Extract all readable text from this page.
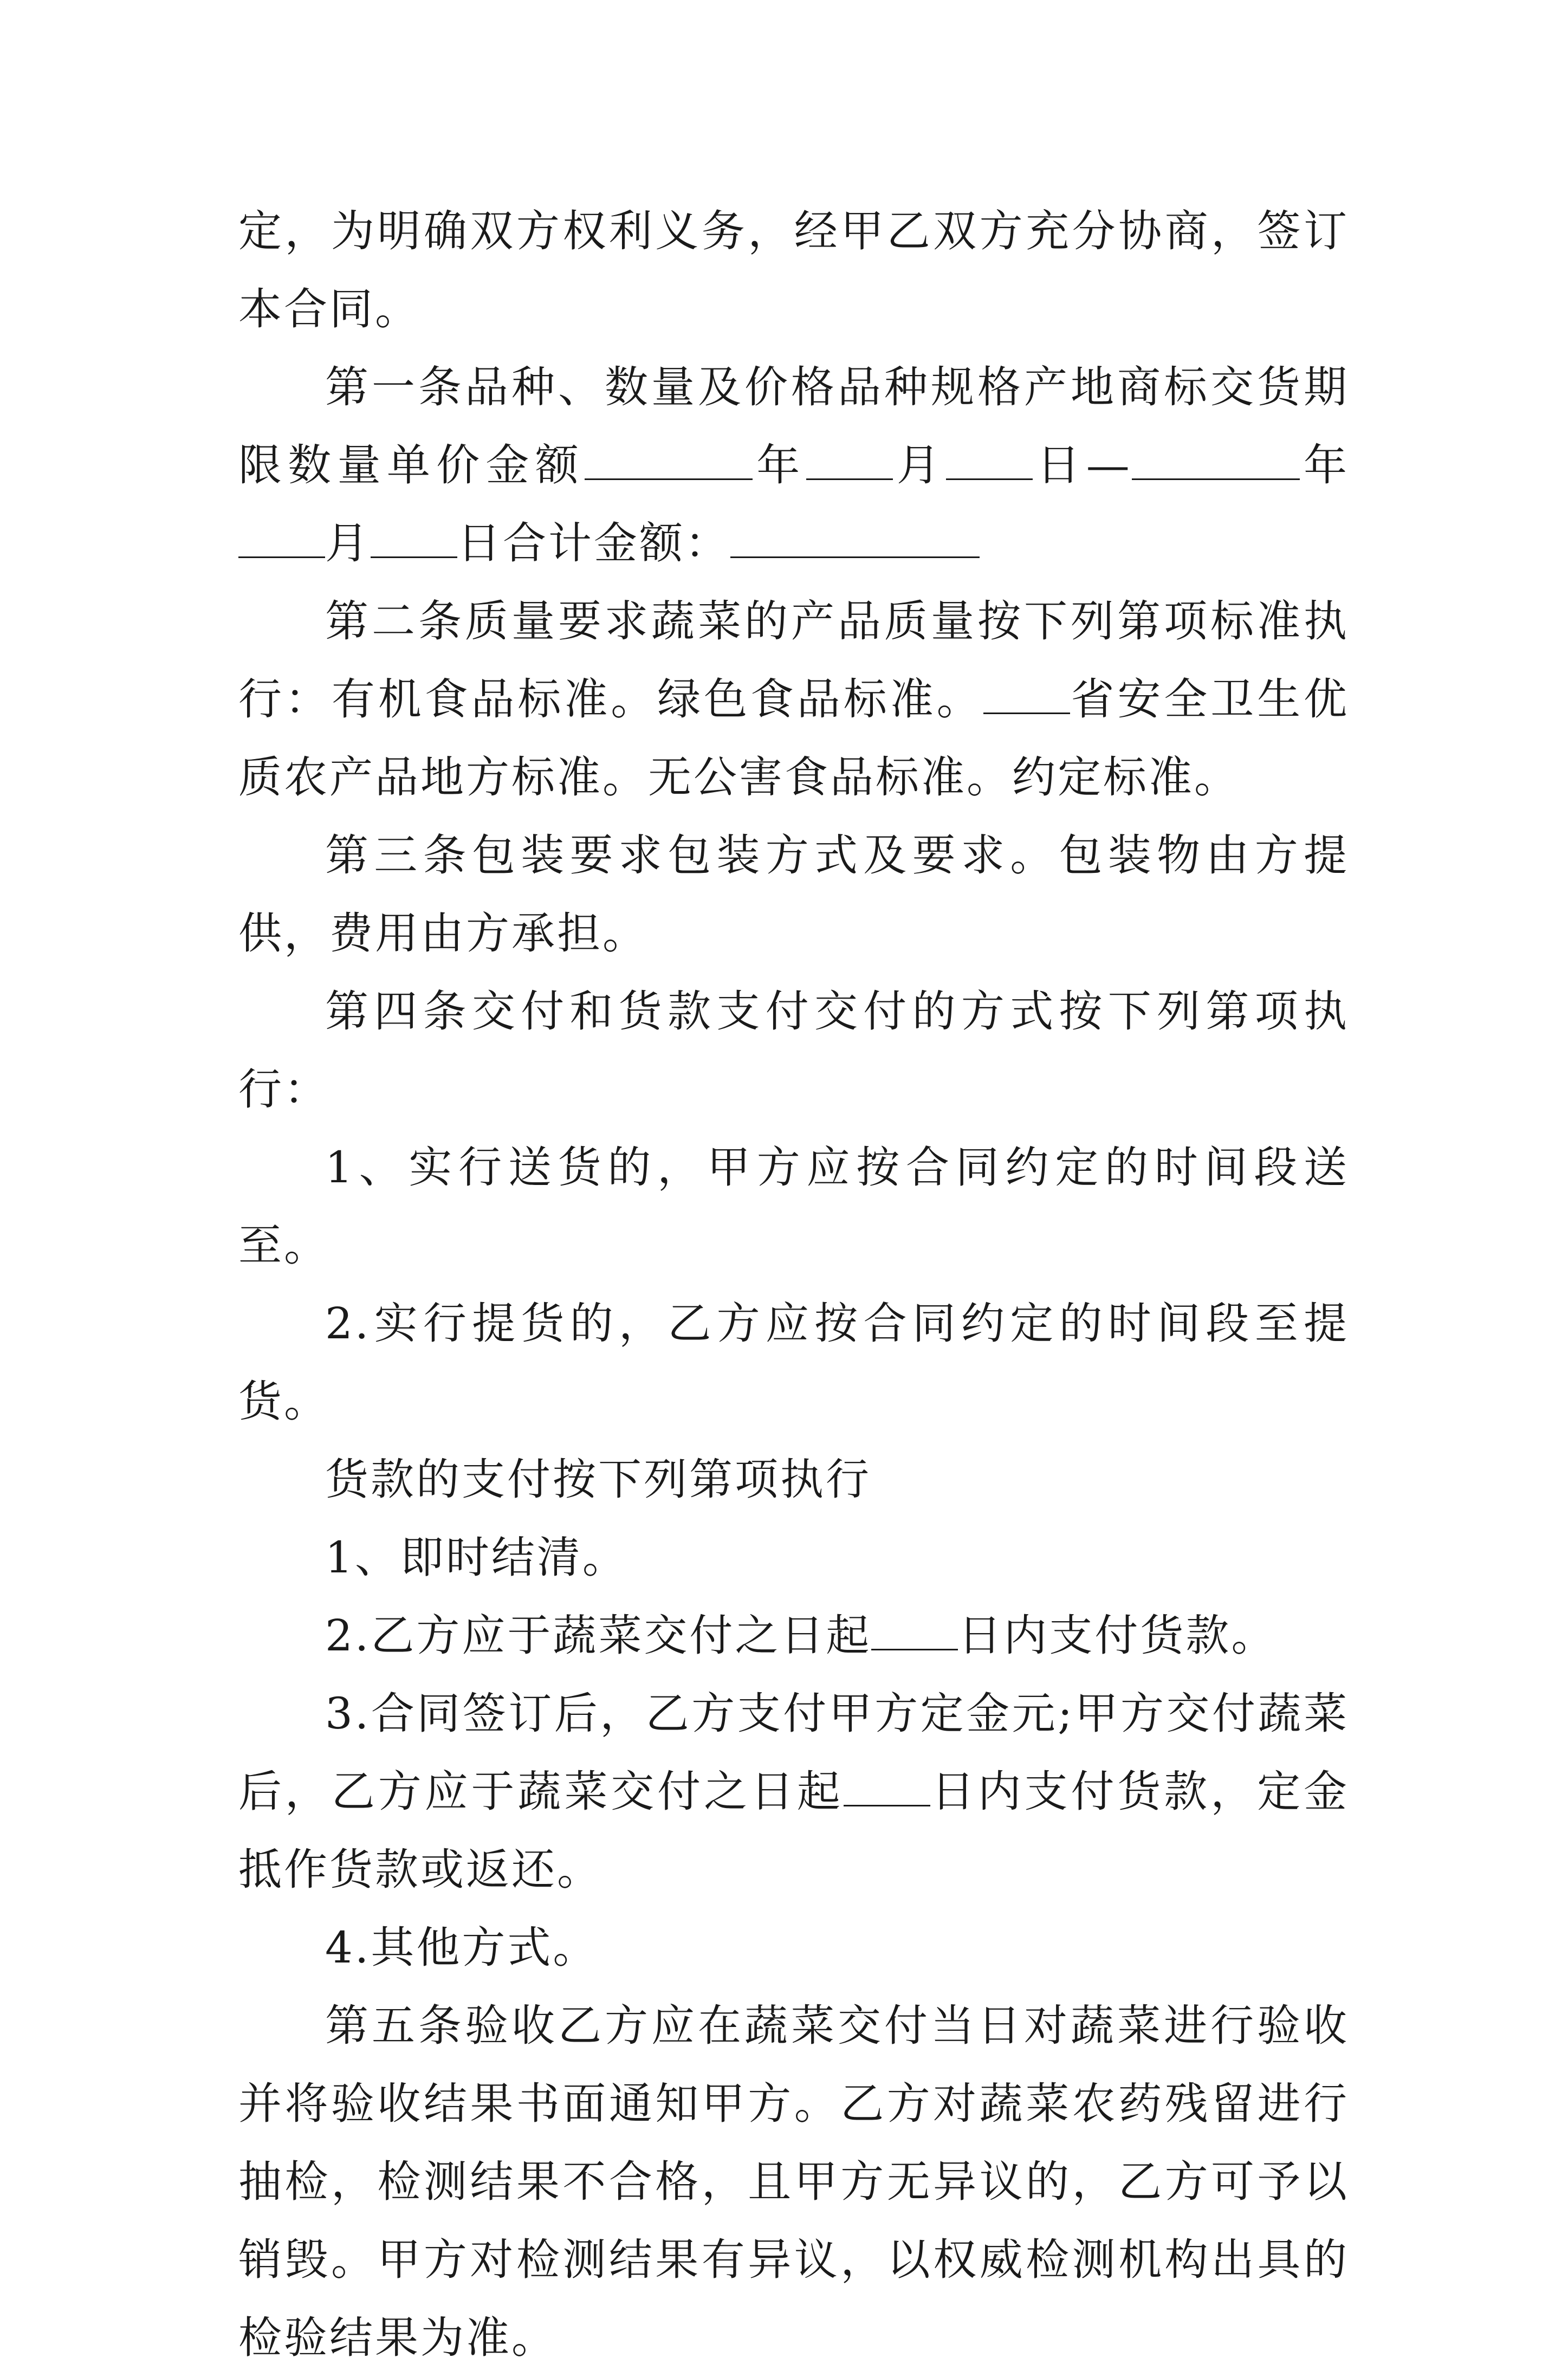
定，为明确双方权利义务，经甲乙双方充分协商，签订本合同。

第一条品种、数量及价格品种规格产地商标交货期限数量单价金额	年 月 日—	年月 日合计金额：

第二条质量要求蔬菜的产品质量按下列第项标准执行：有机食品标准。绿色食品标准。 省安全卫生优质农产品地方标准。无公害食品标准。约定标准。

第三条包装要求包装方式及要求。包装物由方提供，费用由方承担。

第四条交付和货款支付交付的方式按下列第项执行：

1、实行送货的，甲方应按合同约定的时间段送至。

2.实行提货的，乙方应按合同约定的时间段至提货。

货款的支付按下列第项执行

1、即时结清。

2.乙方应于蔬菜交付之日起 日内支付货款。

3.合同签订后，乙方支付甲方定金元;甲方交付蔬菜后，乙方应于蔬菜交付之日起 日内支付货款，定金抵作货款或返还。

4.其他方式。

第五条验收乙方应在蔬菜交付当日对蔬菜进行验收并将验收结果书面通知甲方。乙方对蔬菜农药残留进行抽检，检测结果不合格，且甲方无异议的，乙方可予以销毁。甲方对检测结果有异议，以权威检测机构出具的检验结果为准。
